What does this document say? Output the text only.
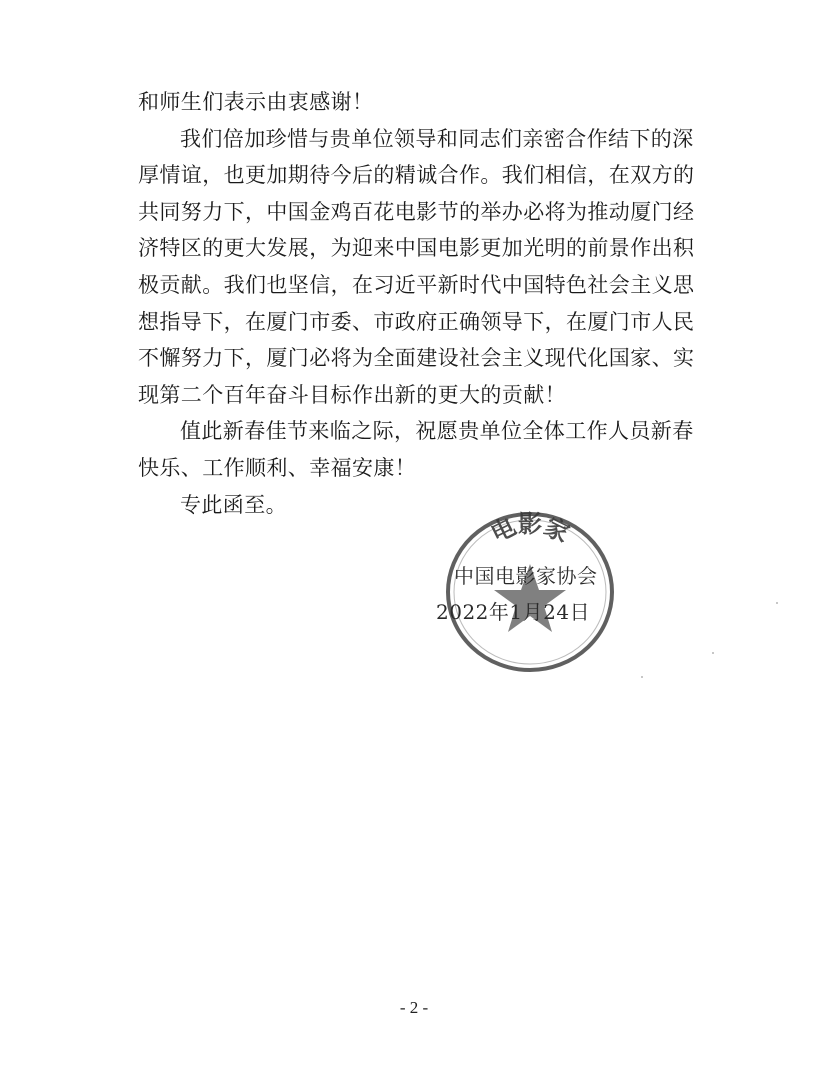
和师生们表示由衷感谢！

我们倍加珍惜与贵单位领导和同志们亲密合作结下的深厚情谊，也更加期待今后的精诚合作。我们相信，在双方的共同努力下，中国金鸡百花电影节的举办必将为推动厦门经济特区的更大发展，为迎来中国电影更加光明的前景作出积极贡献。我们也坚信，在习近平新时代中国特色社会主义思想指导下，在厦门市委、市政府正确领导下，在厦门市人民不懈努力下，厦门必将为全面建设社会主义现代化国家、实现第二个百年奋斗目标作出新的更大的贡献！

值此新春佳节来临之际，祝愿贵单位全体工作人员新春快乐、工作顺利、幸福安康！

专此函至。

电影家
中国电影家协会
2022年1月24日
- 2 -
